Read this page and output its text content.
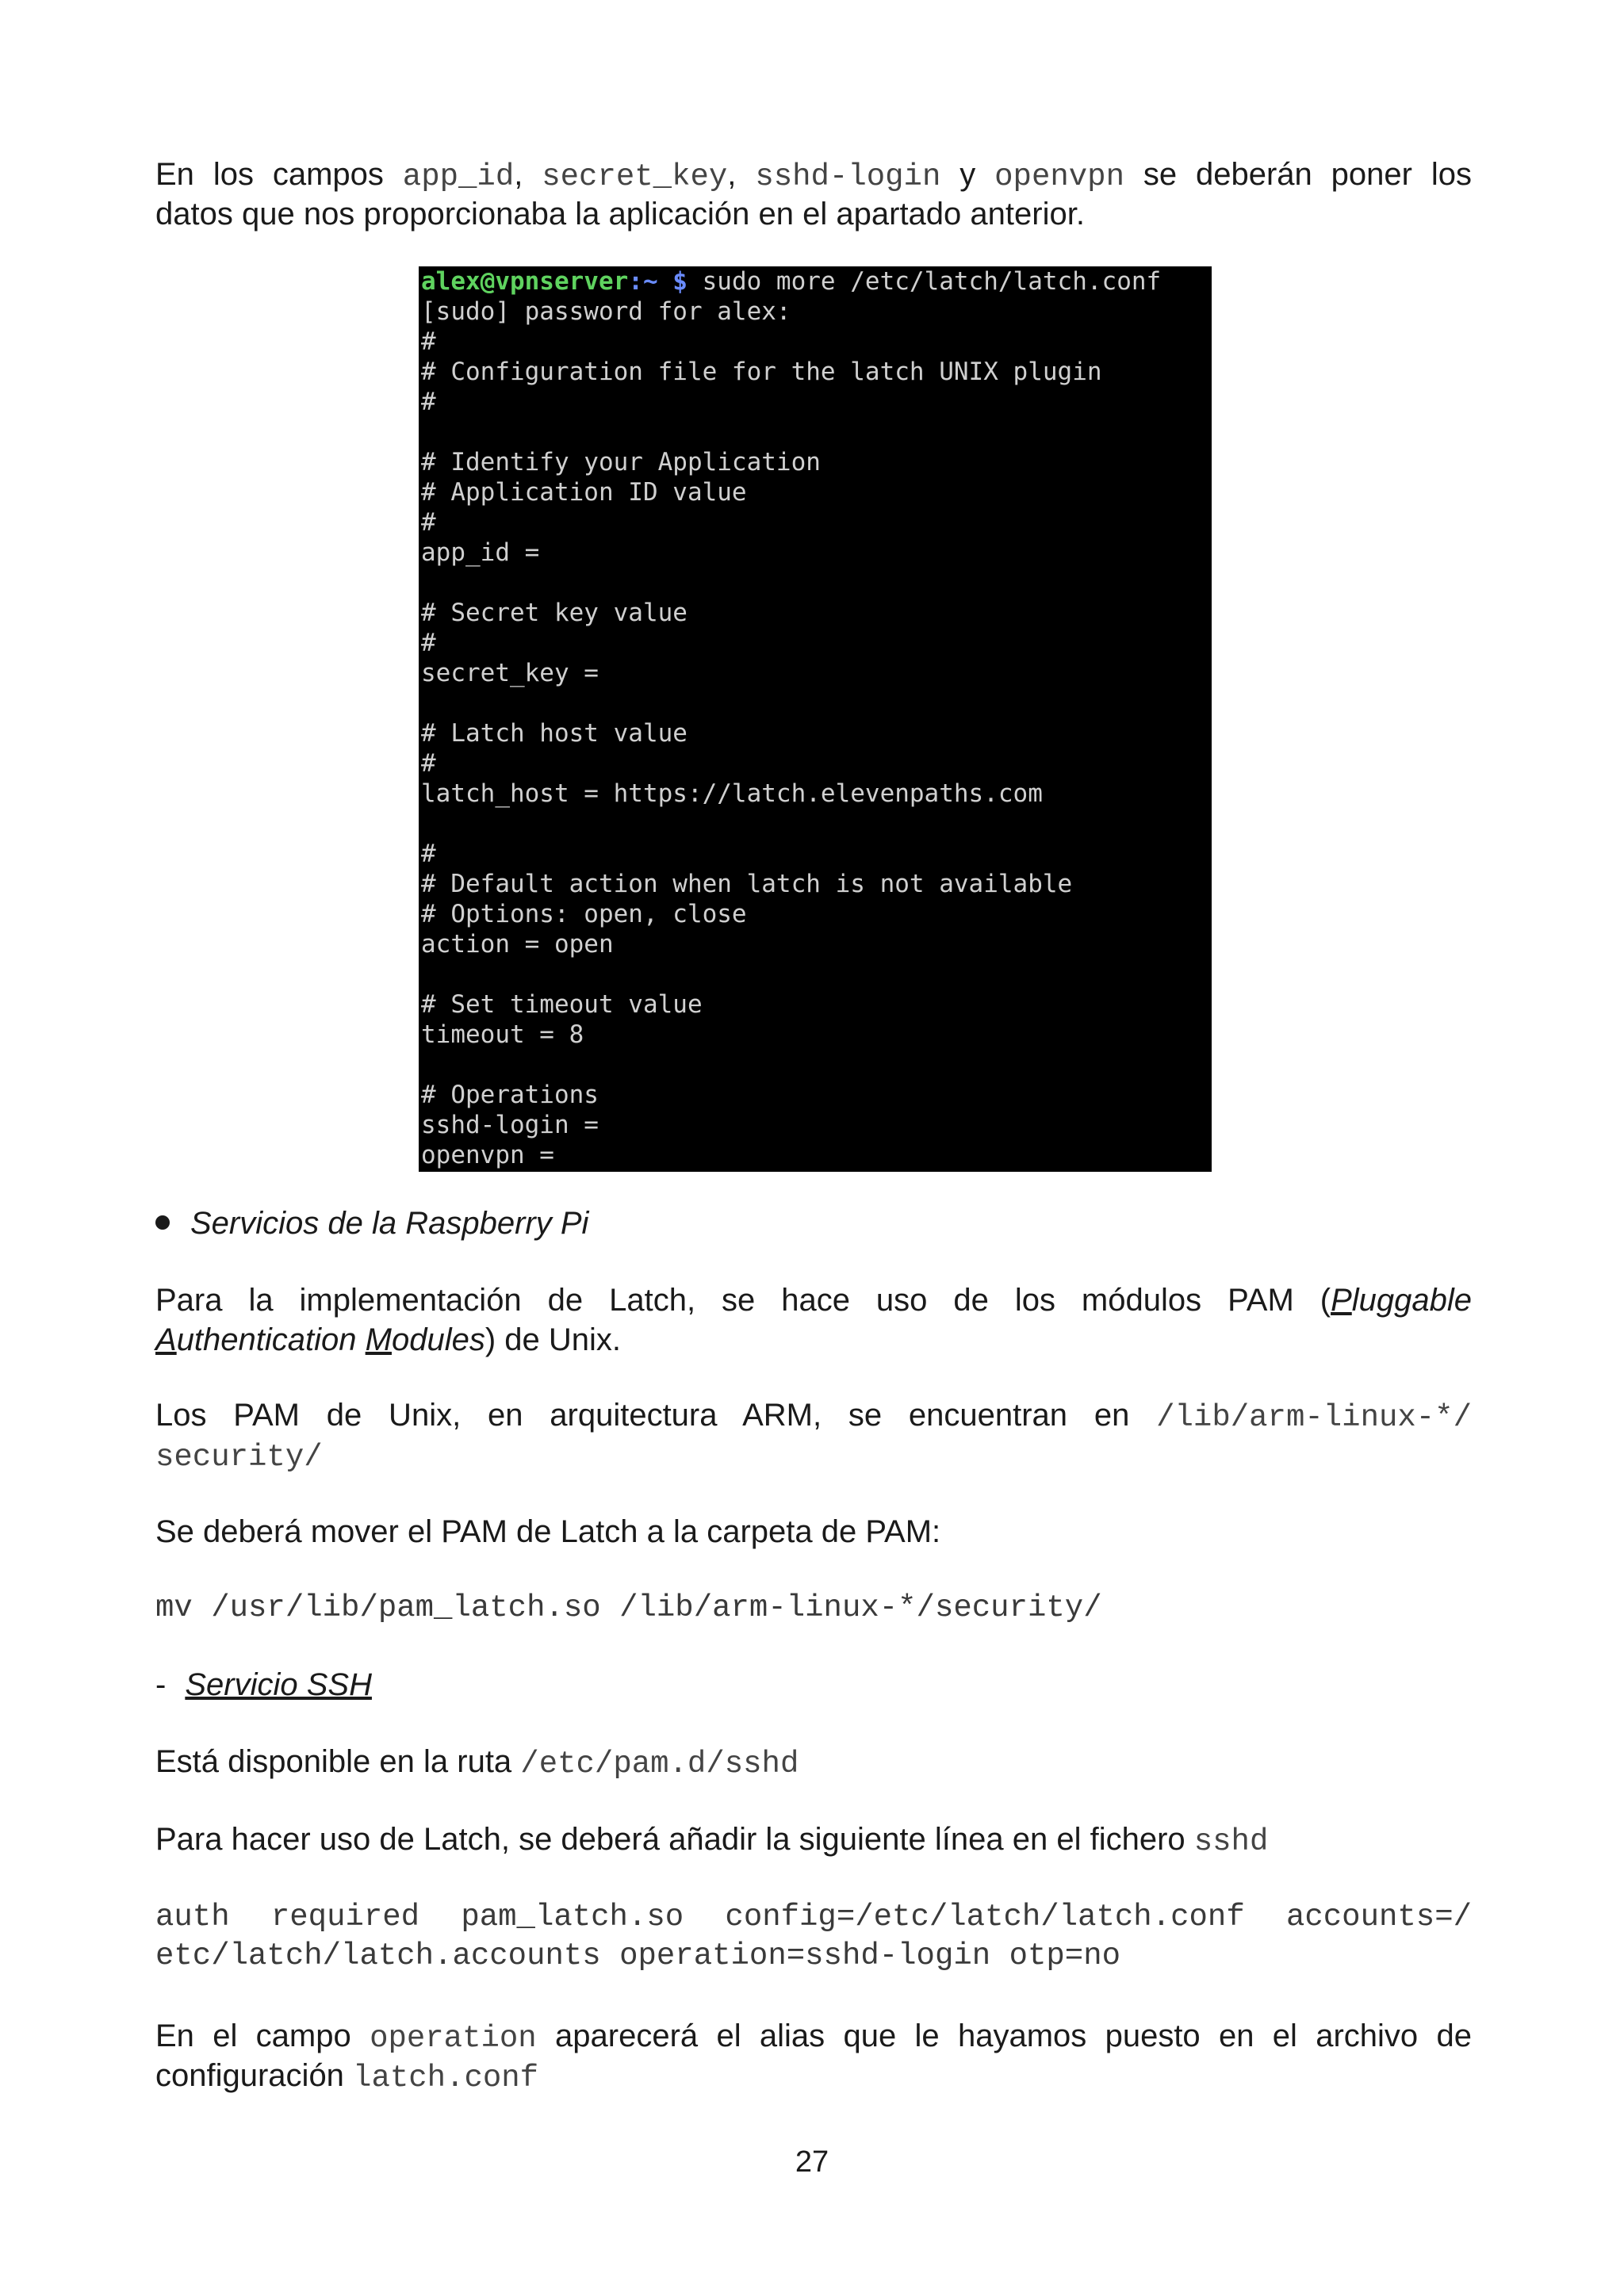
En los campos app_id, secret_key, sshd-login y openvpn se deberán poner los

datos que nos proporcionaba la aplicación en el apartado anterior.

Servicios de la Raspberry Pi

Para la implementación de Latch, se hace uso de los módulos PAM (Pluggable

Authentication Modules) de Unix.

Los PAM de Unix, en arquitectura ARM, se encuentran en /lib/arm-linux-*/

security/

Se deberá mover el PAM de Latch a la carpeta de PAM:

mv /usr/lib/pam_latch.so /lib/arm-linux-*/security/

- Servicio SSH

Está disponible en la ruta /etc/pam.d/sshd

Para hacer uso de Latch, se deberá añadir la siguiente línea en el fichero sshd

auth required pam_latch.so config=/etc/latch/latch.conf accounts=/

etc/latch/latch.accounts operation=sshd-login otp=no

En el campo operation aparecerá el alias que le hayamos puesto en el archivo de

configuración latch.conf

alex@vpnserver:~ $ sudo more /etc/latch/latch.conf
[sudo] password for alex:
#
# Configuration file for the latch UNIX plugin
#
# Identify your Application
# Application ID value
#
app_id =
# Secret key value
#
secret_key =
# Latch host value
#
latch_host = https://latch.elevenpaths.com
#
# Default action when latch is not available
# Options: open, close
action = open
# Set timeout value
timeout = 8
# Operations
sshd-login =
openvpn =
27
